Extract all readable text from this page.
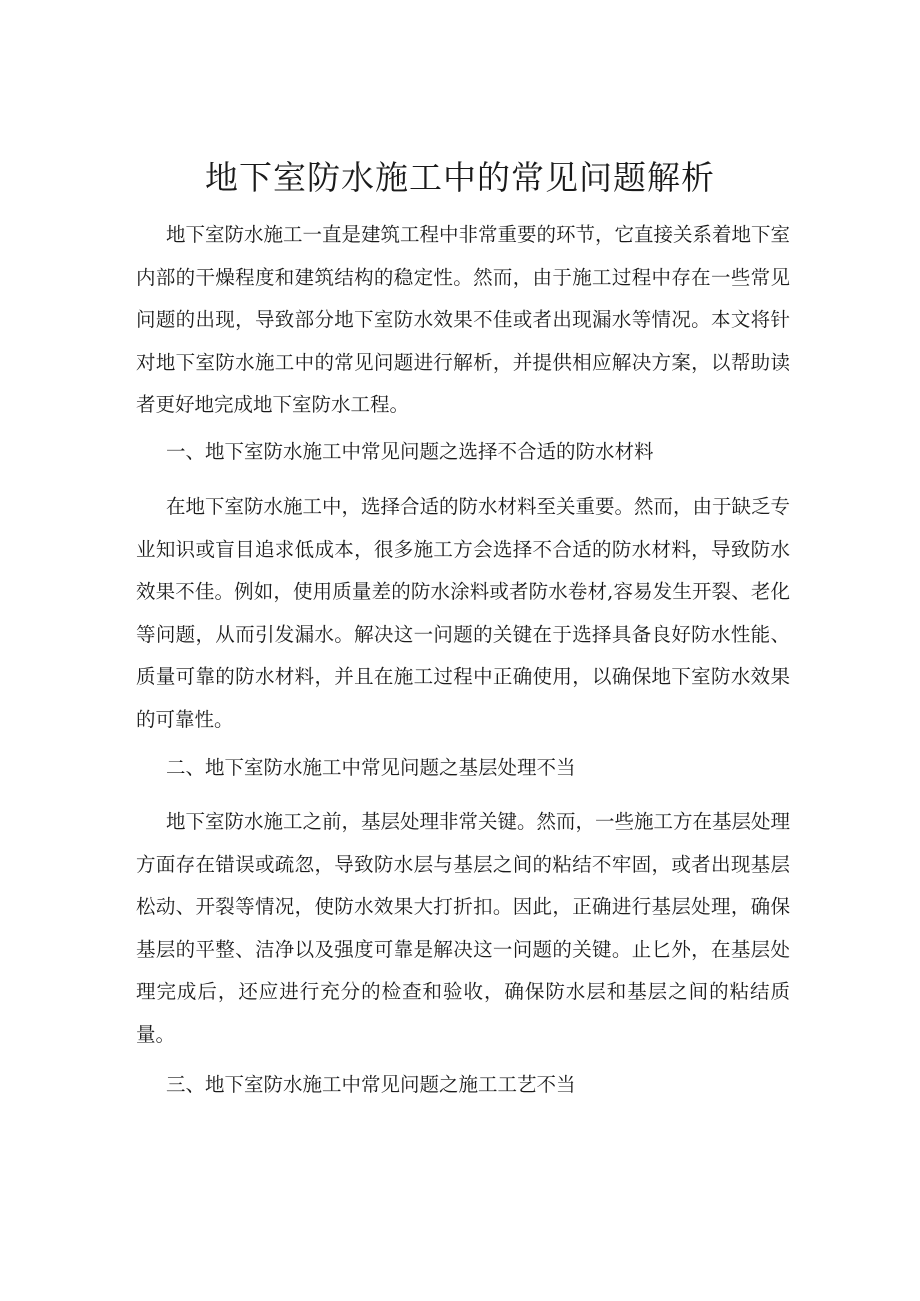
地下室防水施工中的常见问题解析

地下室防水施工一直是建筑工程中非常重要的环节，它直接关系着地下室内部的干燥程度和建筑结构的稳定性。然而，由于施工过程中存在一些常见问题的出现，导致部分地下室防水效果不佳或者出现漏水等情况。本文将针对地下室防水施工中的常见问题进行解析，并提供相应解决方案，以帮助读者更好地完成地下室防水工程。

一、地下室防水施工中常见问题之选择不合适的防水材料

在地下室防水施工中，选择合适的防水材料至关重要。然而，由于缺乏专业知识或盲目追求低成本，很多施工方会选择不合适的防水材料，导致防水效果不佳。例如，使用质量差的防水涂料或者防水卷材,容易发生开裂、老化等问题，从而引发漏水。解决这一问题的关键在于选择具备良好防水性能、质量可靠的防水材料，并且在施工过程中正确使用，以确保地下室防水效果的可靠性。

二、地下室防水施工中常见问题之基层处理不当

地下室防水施工之前，基层处理非常关键。然而，一些施工方在基层处理方面存在错误或疏忽，导致防水层与基层之间的粘结不牢固，或者出现基层松动、开裂等情况，使防水效果大打折扣。因此，正确进行基层处理，确保基层的平整、洁净以及强度可靠是解决这一问题的关键。止匕外，在基层处理完成后，还应进行充分的检查和验收，确保防水层和基层之间的粘结质量。

三、地下室防水施工中常见问题之施工工艺不当
